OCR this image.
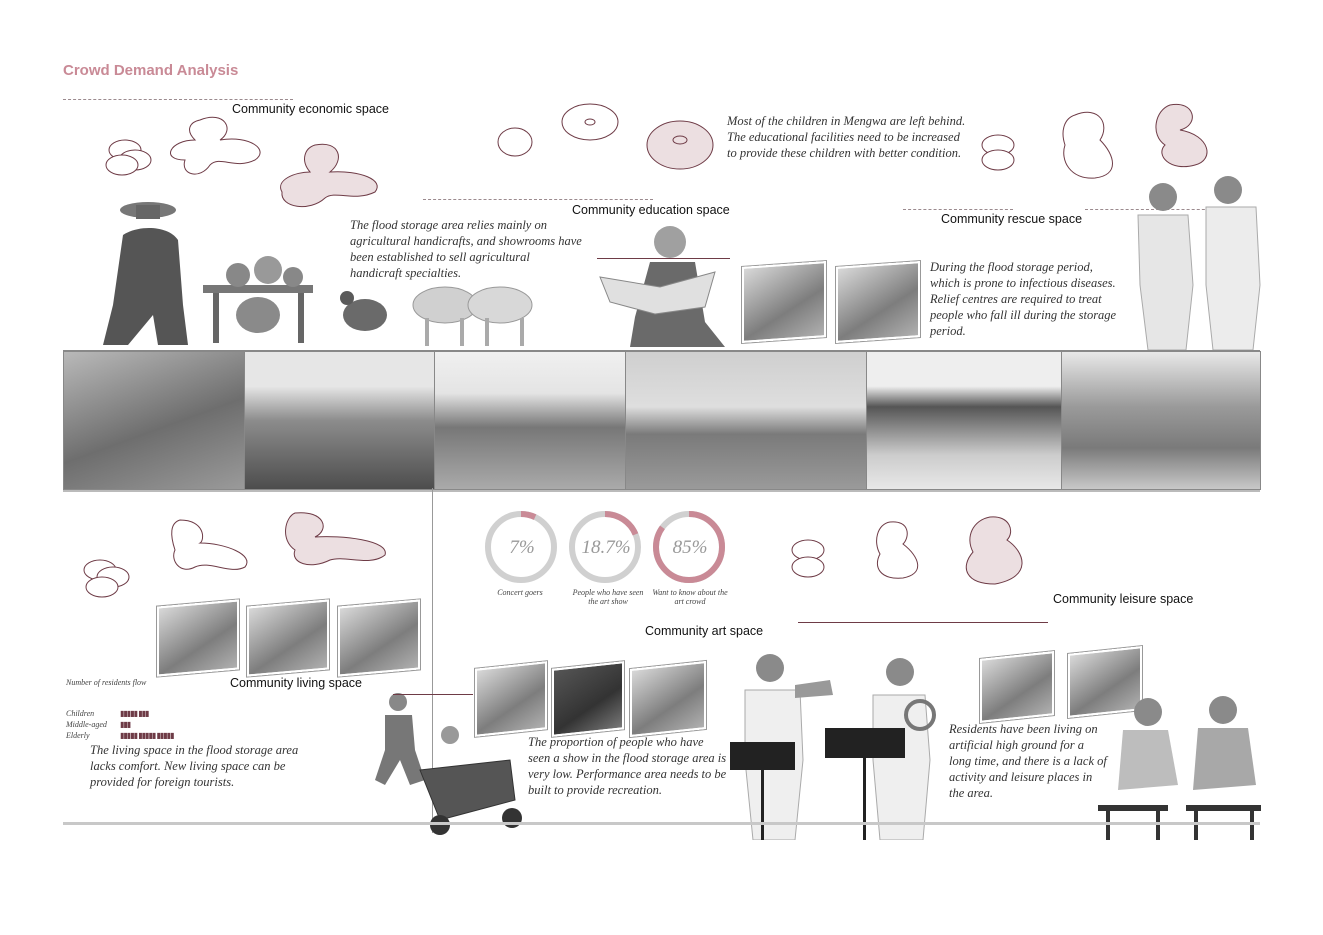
Crowd Demand Analysis
Community economic space
Community education space
Community rescue space
Community living space
Community art space
Community leisure space
Most of the children in Mengwa are left behind. The educational facilities need to be increased to provide these children with better condition.
The flood storage area relies mainly on agricultural handicrafts, and showrooms have been established to sell agricultural handicraft specialties.	During the flood storage period, which is prone to infectious diseases. Relief centres are required to treat people who fall ill during the storage period.
The living space in the flood storage area lacks comfort. New living space can be provided for foreign tourists.
The proportion of people who have seen a show in the flood storage area is very low. Performance area needs to be built to provide recreation.
Residents have been living on artificial high ground for a long time, and there is a lack of activity and leisure places in the area.
7%	18.7%	85%
Concert goers	People who have seen the art show
Want to know about the art crowd
Number of residents flow
Children	▮▮▮▮▮ ▮▮▮
Middle-aged	▮▮▮
Elderly	▮▮▮▮▮ ▮▮▮▮▮ ▮▮▮▮▮
